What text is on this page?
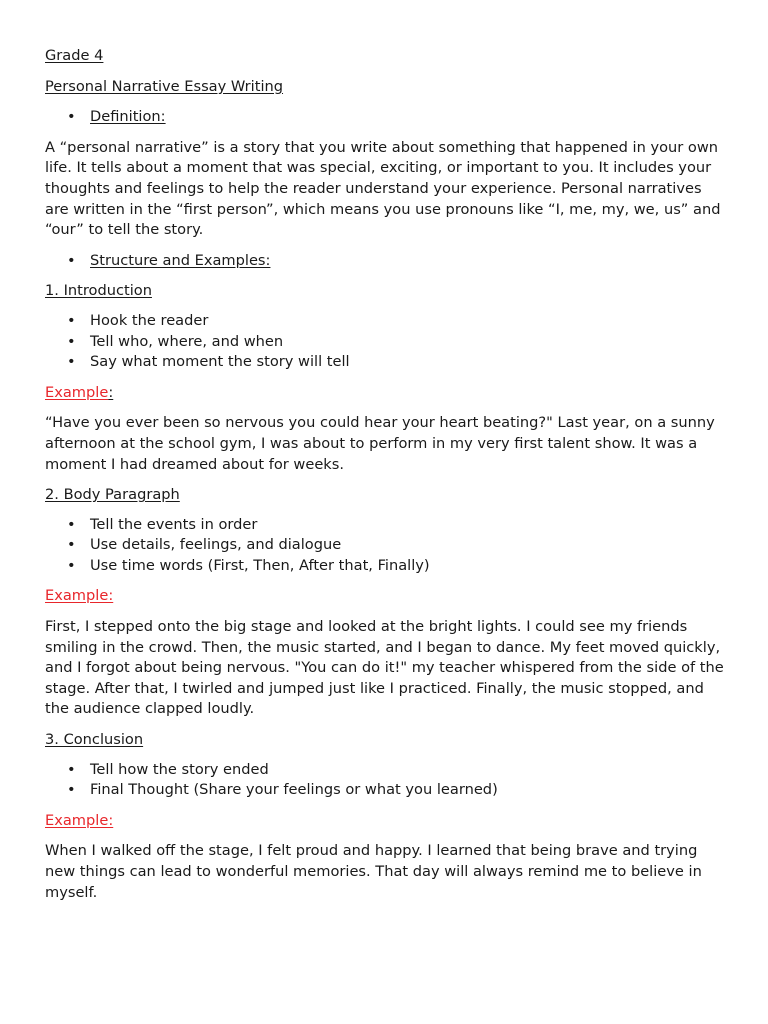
Grade 4

Personal Narrative Essay Writing

• Definition:

A “personal narrative” is a story that you write about something that happened in your own life. It tells about a moment that was special, exciting, or important to you. It includes your thoughts and feelings to help the reader understand your experience. Personal narratives are written in the “first person”, which means you use pronouns like “I, me, my, we, us” and “our” to tell the story.

• Structure and Examples:

1. Introduction

• Hook the reader
• Tell who, where, and when
• Say what moment the story will tell

Example:

“Have you ever been so nervous you could hear your heart beating?" Last year, on a sunny afternoon at the school gym, I was about to perform in my very first talent show. It was a moment I had dreamed about for weeks.

2. Body Paragraph

• Tell the events in order
• Use details, feelings, and dialogue
• Use time words (First, Then, After that, Finally)

Example:

First, I stepped onto the big stage and looked at the bright lights. I could see my friends smiling in the crowd. Then, the music started, and I began to dance. My feet moved quickly, and I forgot about being nervous. "You can do it!" my teacher whispered from the side of the stage. After that, I twirled and jumped just like I practiced. Finally, the music stopped, and the audience clapped loudly.

3. Conclusion

• Tell how the story ended
• Final Thought (Share your feelings or what you learned)

Example:

When I walked off the stage, I felt proud and happy. I learned that being brave and trying new things can lead to wonderful memories. That day will always remind me to believe in myself.
